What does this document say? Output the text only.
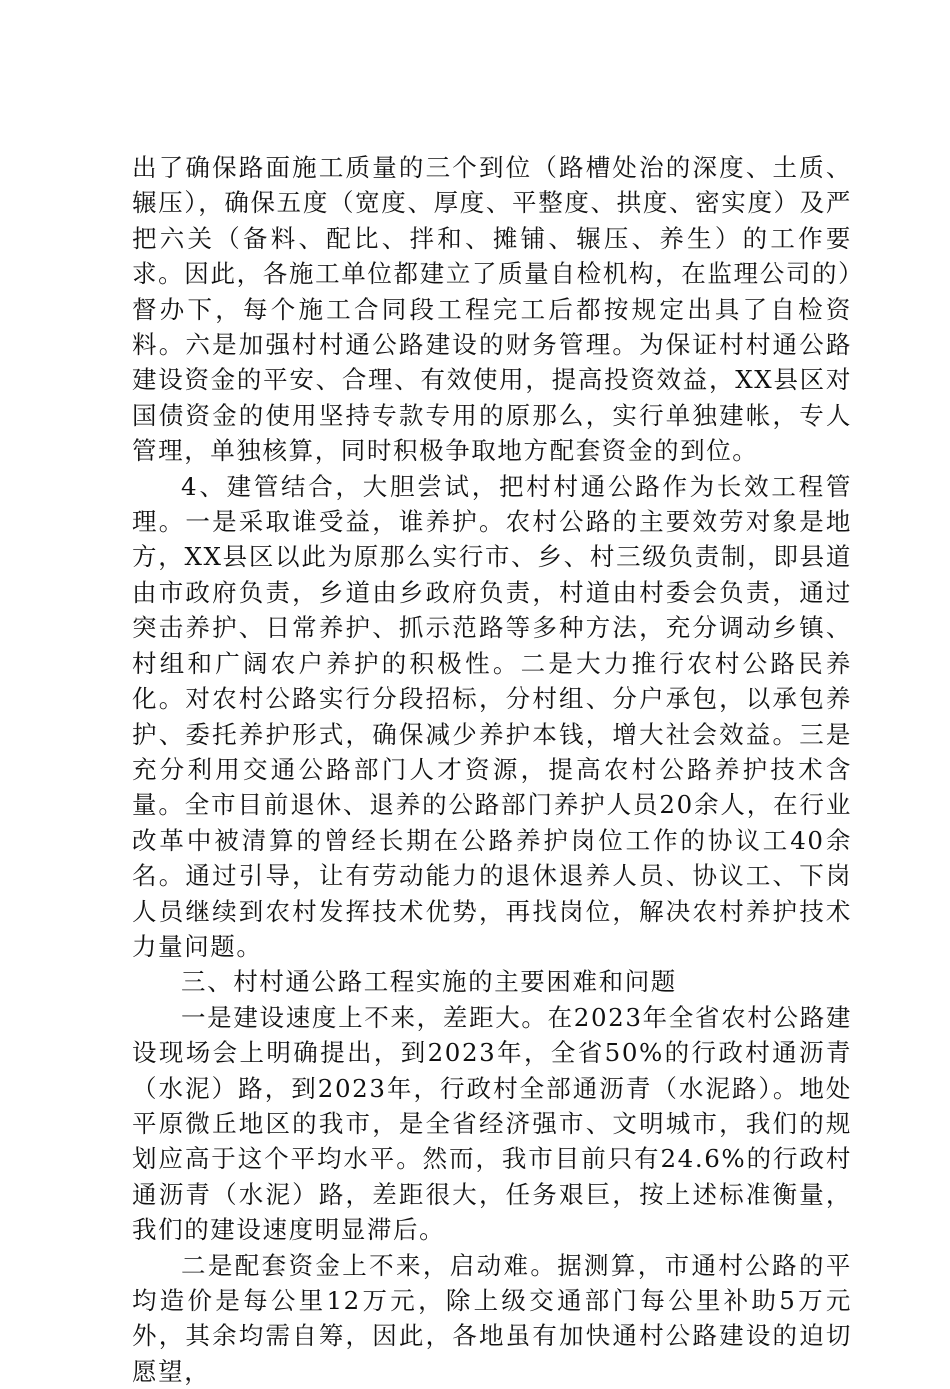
出了确保路面施工质量的三个到位（路槽处治的深度、土质、辗压），确保五度（宽度、厚度、平整度、拱度、密实度）及严把六关（备料、配比、拌和、摊铺、辗压、养生）的工作要求。因此，各施工单位都建立了质量自检机构，在监理公司的）督办下，每个施工合同段工程完工后都按规定出具了自检资料。六是加强村村通公路建设的财务管理。为保证村村通公路建设资金的平安、合理、有效使用，提高投资效益，XX县区对国债资金的使用坚持专款专用的原那么，实行单独建帐，专人管理，单独核算，同时积极争取地方配套资金的到位。

4、建管结合，大胆尝试，把村村通公路作为长效工程管理。一是采取谁受益，谁养护。农村公路的主要效劳对象是地方，XX县区以此为原那么实行市、乡、村三级负责制，即县道由市政府负责，乡道由乡政府负责，村道由村委会负责，通过突击养护、日常养护、抓示范路等多种方法，充分调动乡镇、村组和广阔农户养护的积极性。二是大力推行农村公路民养化。对农村公路实行分段招标，分村组、分户承包，以承包养护、委托养护形式，确保减少养护本钱，增大社会效益。三是充分利用交通公路部门人才资源，提高农村公路养护技术含量。全市目前退休、退养的公路部门养护人员20余人，在行业改革中被清算的曾经长期在公路养护岗位工作的协议工40余名。通过引导，让有劳动能力的退休退养人员、协议工、下岗人员继续到农村发挥技术优势，再找岗位，解决农村养护技术力量问题。

三、村村通公路工程实施的主要困难和问题

一是建设速度上不来，差距大。在2023年全省农村公路建设现场会上明确提出，到2023年，全省50%的行政村通沥青（水泥）路，到2023年，行政村全部通沥青（水泥路）。地处平原微丘地区的我市，是全省经济强市、文明城市，我们的规划应高于这个平均水平。然而，我市目前只有24.6%的行政村通沥青（水泥）路，差距很大，任务艰巨，按上述标准衡量，我们的建设速度明显滞后。

二是配套资金上不来，启动难。据测算，市通村公路的平均造价是每公里12万元，除上级交通部门每公里补助5万元外，其余均需自筹，因此，各地虽有加快通村公路建设的迫切愿望，
